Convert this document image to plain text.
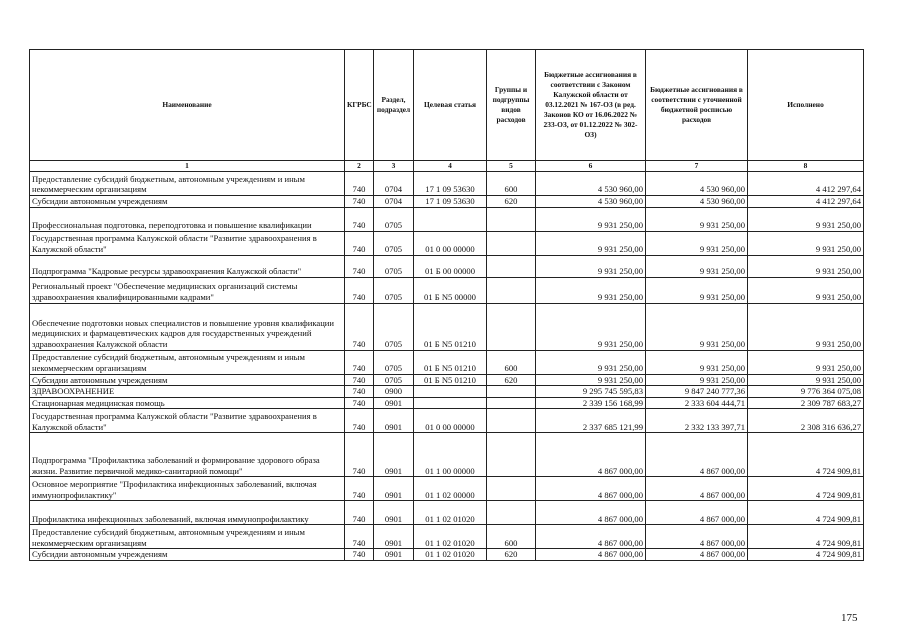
Наименование	КГРБС	Раздел, подраздел	Целевая статья	Группы и подгруппы видов расходов	Бюджетные ассигнования в соответствии с Законом Калужской области от 03.12.2021 № 167-ОЗ (в ред. Законов КО от 16.06.2022 № 233-ОЗ, от 01.12.2022 № 302-ОЗ)	Бюджетные ассигнования в соответствии с уточненной бюджетной росписью расходов	Исполнено
1	2	3	4	5	6	7	8
Предоставление субсидий бюджетным, автономным учреждениям и иным некоммерческим организациям	740	0704	17 1 09 53630	600	4 530 960,00	4 530 960,00	4 412 297,64
Субсидии автономным учреждениям	740	0704	17 1 09 53630	620	4 530 960,00	4 530 960,00	4 412 297,64
Профессиональная подготовка, переподготовка и повышение квалификации	740	0705			9 931 250,00	9 931 250,00	9 931 250,00
Государственная программа Калужской области "Развитие здравоохранения в Калужской области"	740	0705	01 0 00 00000		9 931 250,00	9 931 250,00	9 931 250,00
Подпрограмма "Кадровые ресурсы здравоохранения Калужской области"	740	0705	01 Б 00 00000		9 931 250,00	9 931 250,00	9 931 250,00
Региональный проект "Обеспечение медицинских организаций системы здравоохранения квалифицированными кадрами"	740	0705	01 Б N5 00000		9 931 250,00	9 931 250,00	9 931 250,00
Обеспечение подготовки новых специалистов и повышение уровня квалификации медицинских и фармацевтических кадров для государственных учреждений здравоохранения Калужской области	740	0705	01 Б N5 01210		9 931 250,00	9 931 250,00	9 931 250,00
Предоставление субсидий бюджетным, автономным учреждениям и иным некоммерческим организациям	740	0705	01 Б N5 01210	600	9 931 250,00	9 931 250,00	9 931 250,00
Субсидии автономным учреждениям	740	0705	01 Б N5 01210	620	9 931 250,00	9 931 250,00	9 931 250,00
ЗДРАВООХРАНЕНИЕ	740	0900			9 295 745 595,83	9 847 240 777,36	9 776 364 075,08
Стационарная медицинская помощь	740	0901			2 339 156 168,99	2 333 604 444,71	2 309 787 683,27
Государственная программа Калужской области "Развитие здравоохранения в Калужской области"	740	0901	01 0 00 00000		2 337 685 121,99	2 332 133 397,71	2 308 316 636,27
Подпрограмма "Профилактика заболеваний и формирование здорового образа жизни. Развитие первичной медико-санитарной помощи"	740	0901	01 1 00 00000		4 867 000,00	4 867 000,00	4 724 909,81
Основное мероприятие "Профилактика инфекционных заболеваний, включая иммунопрофилактику"	740	0901	01 1 02 00000		4 867 000,00	4 867 000,00	4 724 909,81
Профилактика инфекционных заболеваний, включая иммунопрофилактику	740	0901	01 1 02 01020		4 867 000,00	4 867 000,00	4 724 909,81
Предоставление субсидий бюджетным, автономным учреждениям и иным некоммерческим организациям	740	0901	01 1 02 01020	600	4 867 000,00	4 867 000,00	4 724 909,81
Субсидии автономным учреждениям	740	0901	01 1 02 01020	620	4 867 000,00	4 867 000,00	4 724 909,81
175
